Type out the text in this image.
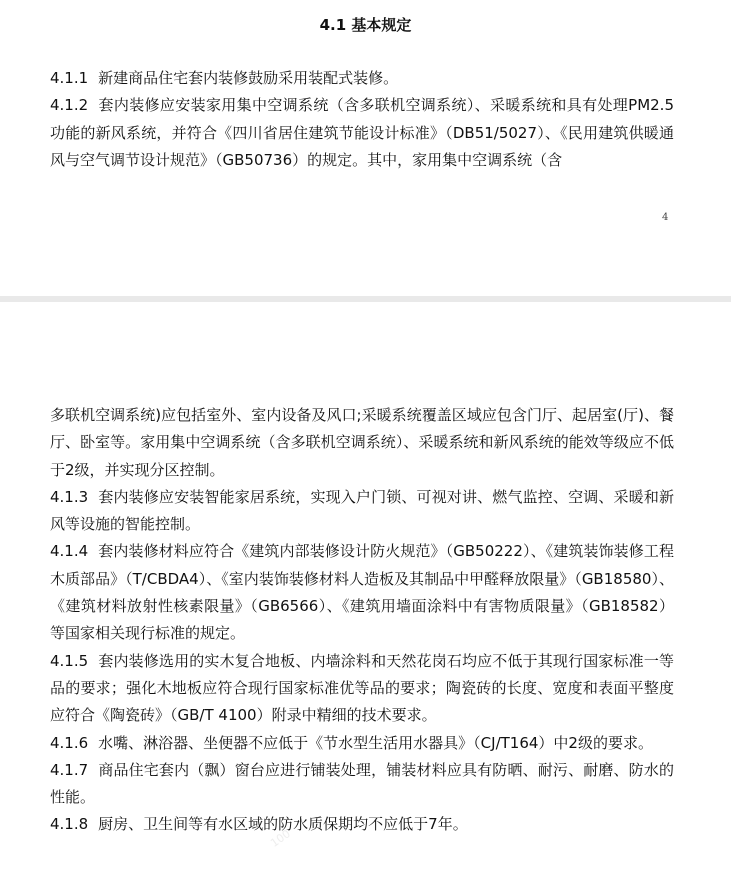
4.1 基本规定

4.1.1 新建商品住宅套内装修鼓励采用装配式装修。

4.1.2 套内装修应安装家用集中空调系统（含多联机空调系统）、采暖系统和具有处理PM2.5功能的新风系统，并符合《四川省居住建筑节能设计标准》（DB51/5027）、《民用建筑供暖通风与空气调节设计规范》（GB50736）的规定。其中，家用集中空调系统（含

4

多联机空调系统)应包括室外、室内设备及风口;采暖系统覆盖区域应包含门厅、起居室(厅)、餐厅、卧室等。家用集中空调系统（含多联机空调系统）、采暖系统和新风系统的能效等级应不低于2级，并实现分区控制。

4.1.3 套内装修应安装智能家居系统，实现入户门锁、可视对讲、燃气监控、空调、采暖和新风等设施的智能控制。

4.1.4 套内装修材料应符合《建筑内部装修设计防火规范》（GB50222）、《建筑装饰装修工程木质部品》（T/CBDA4）、《室内装饰装修材料人造板及其制品中甲醛释放限量》（GB18580）、《建筑材料放射性核素限量》（GB6566）、《建筑用墙面涂料中有害物质限量》（GB18582）等国家相关现行标准的规定。

4.1.5 套内装修选用的实木复合地板、内墙涂料和天然花岗石均应不低于其现行国家标准一等品的要求；强化木地板应符合现行国家标准优等品的要求；陶瓷砖的长度、宽度和表面平整度应符合《陶瓷砖》（GB/T 4100）附录中精细的技术要求。

4.1.6 水嘴、淋浴器、坐便器不应低于《节水型生活用水器具》（CJ/T164）中2级的要求。

4.1.7 商品住宅套内（飘）窗台应进行铺装处理，铺装材料应具有防晒、耐污、耐磨、防水的性能。

4.1.8 厨房、卫生间等有水区域的防水质保期均不应低于7年。

100
